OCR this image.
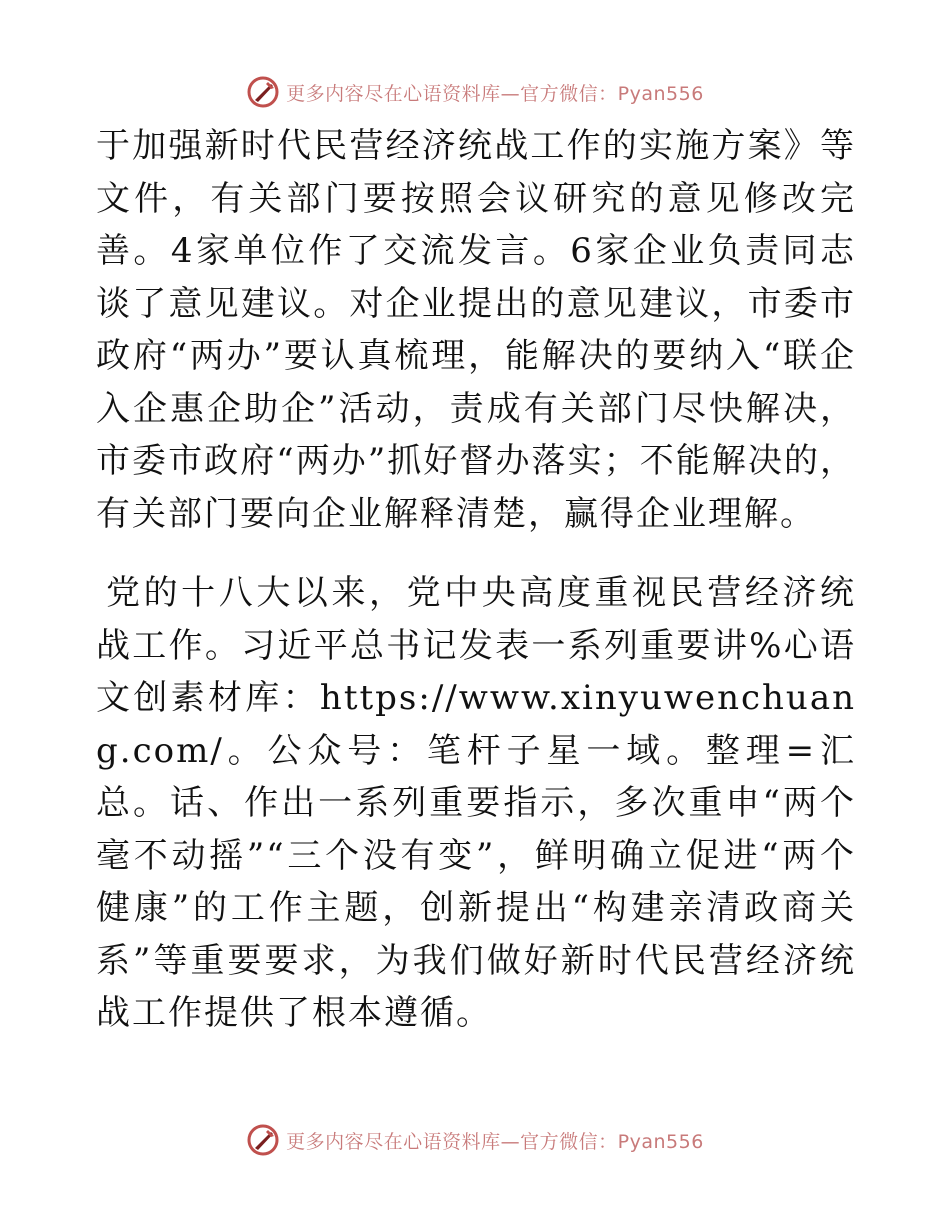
更多内容尽在心语资料库—官方微信：Pyan556

于加强新时代民营经济统战工作的实施方案》等文件，有关部门要按照会议研究的意见修改完善。4家单位作了交流发言。6家企业负责同志谈了意见建议。对企业提出的意见建议，市委市政府“两办”要认真梳理，能解决的要纳入“联企入企惠企助企”活动，责成有关部门尽快解决，市委市政府“两办”抓好督办落实；不能解决的，有关部门要向企业解释清楚，赢得企业理解。

党的十八大以来，党中央高度重视民营经济统战工作。习近平总书记发表一系列重要讲%心语文创素材库：https://www.xinyuwenchuang.com/。公众号：笔杆子星一域。整理=汇总。话、作出一系列重要指示，多次重申“两个毫不动摇”“三个没有变”，鲜明确立促进“两个健康”的工作主题，创新提出“构建亲清政商关系”等重要要求，为我们做好新时代民营经济统战工作提供了根本遵循。

更多内容尽在心语资料库—官方微信：Pyan556
